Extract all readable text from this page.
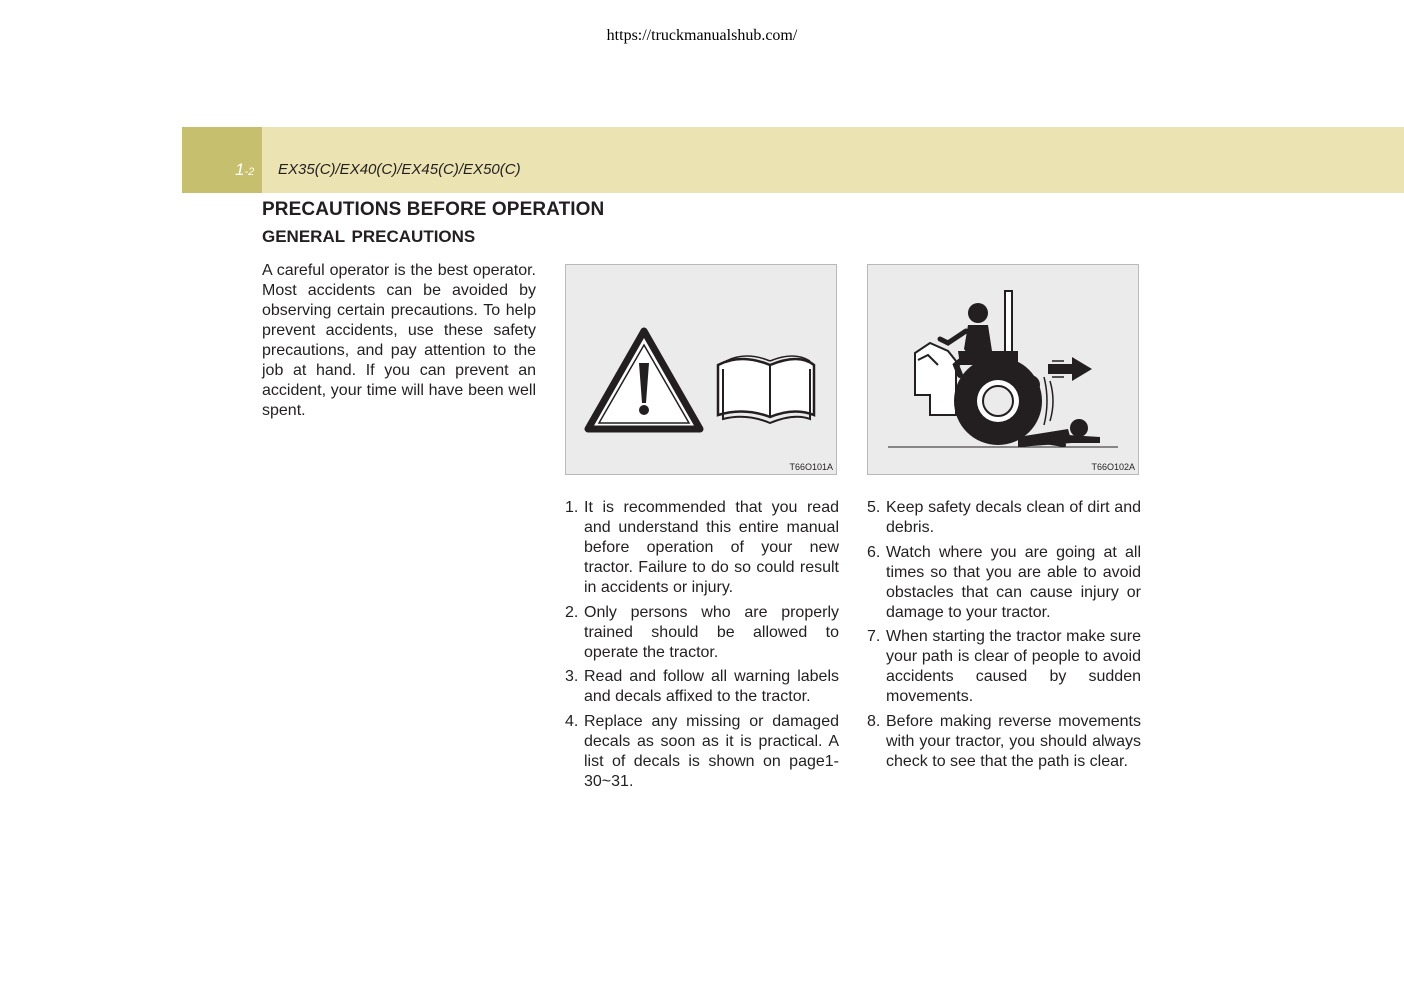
https://truckmanualshub.com/
1-2 EX35(C)/EX40(C)/EX45(C)/EX50(C)
PRECAUTIONS BEFORE OPERATION
GENERAL PRECAUTIONS

A careful operator is the best operator. Most accidents can be avoided by observing certain precautions. To help prevent accidents, use these safety precautions, and pay attention to the job at hand. If you can prevent an accident, your time will have been well spent.

T66O101A	T66O102A
1. It is recommended that you read and understand this entire manual before operation of your new tractor. Failure to do so could result in accidents or injury.
2. Only persons who are properly trained should be allowed to operate the tractor.
3. Read and follow all warning labels and decals affixed to the tractor.
4. Replace any missing or damaged decals as soon as it is practical. A list of decals is shown on page1-30~31.
5. Keep safety decals clean of dirt and debris.
6. Watch where you are going at all times so that you are able to avoid obstacles that can cause injury or damage to your tractor.
7. When starting the tractor make sure your path is clear of people to avoid accidents caused by sudden movements.
8. Before making reverse movements with your tractor, you should always check to see that the path is clear.
